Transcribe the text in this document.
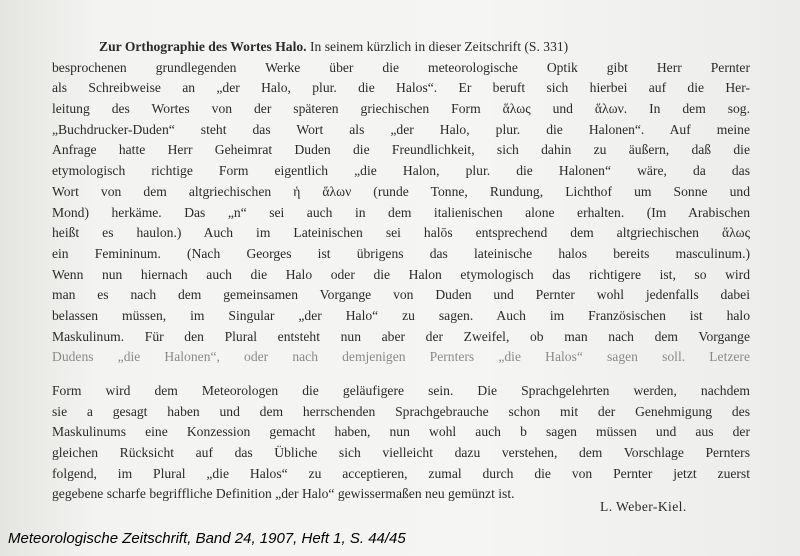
Zur Orthographie des Wortes Halo. In seinem kürzlich in dieser Zeitschrift (S. 331)
besprochenen grundlegenden Werke über die meteorologische Optik gibt Herr Pernter
als Schreibweise an „der Halo, plur. die Halos“. Er beruft sich hierbei auf die Her-
leitung des Wortes von der späteren griechischen Form ἅλως und ἅλων. In dem sog.
„Buchdrucker-Duden“ steht das Wort als „der Halo, plur. die Halonen“. Auf meine
Anfrage hatte Herr Geheimrat Duden die Freundlichkeit, sich dahin zu äußern, daß die
etymologisch richtige Form eigentlich „die Halon, plur. die Halonen“ wäre, da das
Wort von dem altgriechischen ἡ ἅλων (runde Tonne, Rundung, Lichthof um Sonne und
Mond) herkäme. Das „n“ sei auch in dem italienischen alone erhalten. (Im Arabischen
heißt es haulon.) Auch im Lateinischen sei halōs entsprechend dem altgriechischen ἅλως
ein Femininum. (Nach Georges ist übrigens das lateinische halos bereits masculinum.)
Wenn nun hiernach auch die Halo oder die Halon etymologisch das richtigere ist, so wird
man es nach dem gemeinsamen Vorgange von Duden und Pernter wohl jedenfalls dabei
belassen müssen, im Singular „der Halo“ zu sagen. Auch im Französischen ist halo
Maskulinum. Für den Plural entsteht nun aber der Zweifel, ob man nach dem Vorgange
Dudens „die Halonen“, oder nach demjenigen Pernters „die Halos“ sagen soll. Letzere
Form wird dem Meteorologen die geläufigere sein. Die Sprachgelehrten werden, nachdem
sie a gesagt haben und dem herrschenden Sprachgebrauche schon mit der Genehmigung des
Maskulinums eine Konzession gemacht haben, nun wohl auch b sagen müssen und aus der
gleichen Rücksicht auf das Übliche sich vielleicht dazu verstehen, dem Vorschlage Pernters
folgend, im Plural „die Halos“ zu acceptieren, zumal durch die von Pernter jetzt zuerst
gegebene scharfe begriffliche Definition „der Halo“ gewissermaßen neu gemünzt ist.
L. Weber-Kiel.
Meteorologische Zeitschrift, Band 24, 1907, Heft 1, S. 44/45
